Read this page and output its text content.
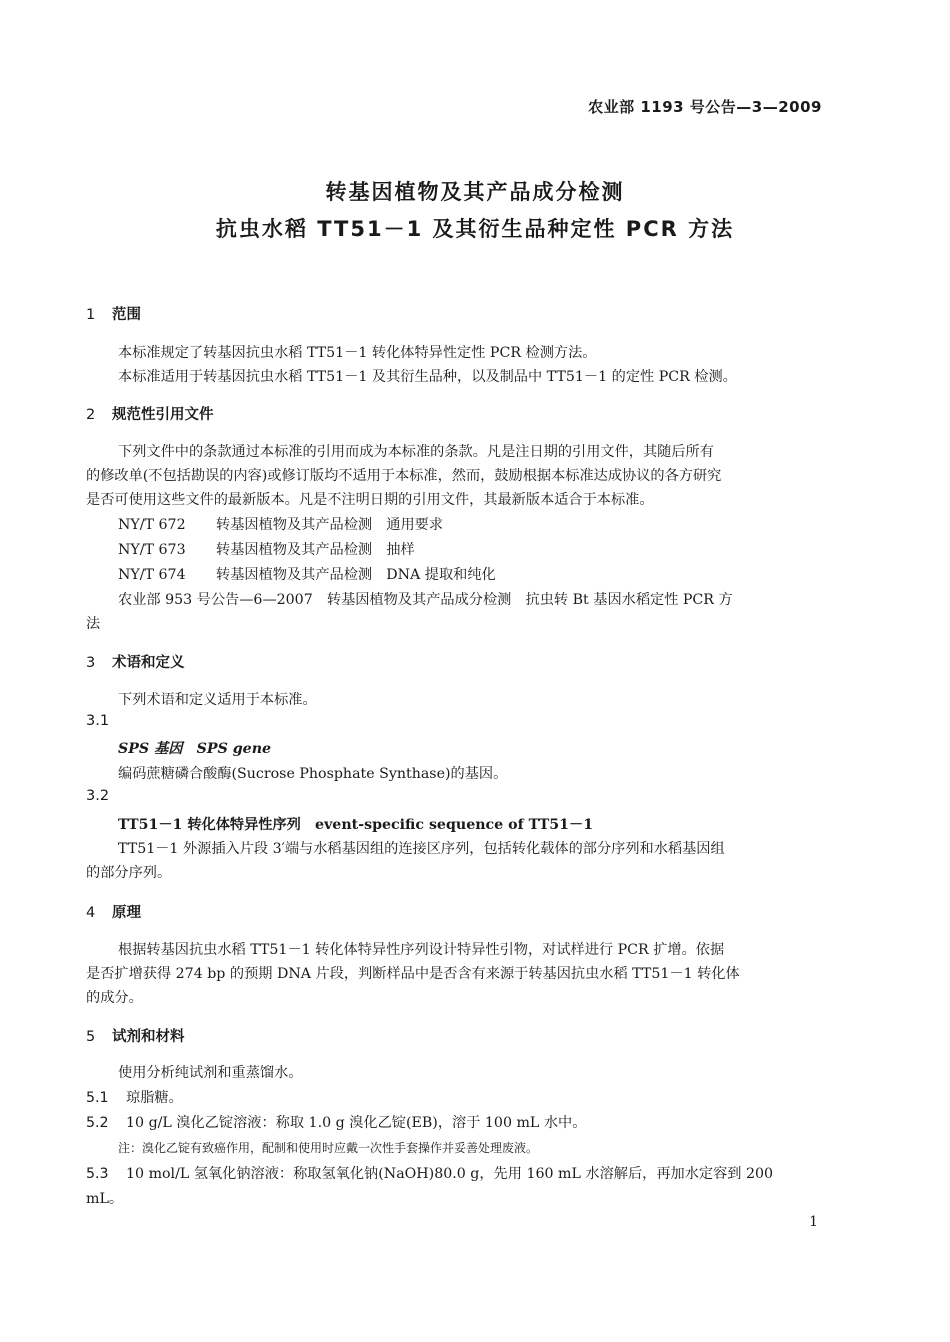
农业部 1193 号公告—3—2009
转基因植物及其产品成分检测
抗虫水稻 TT51－1 及其衍生品种定性 PCR 方法
1 范围
本标准规定了转基因抗虫水稻 TT51－1 转化体特异性定性 PCR 检测方法。
本标准适用于转基因抗虫水稻 TT51－1 及其衍生品种，以及制品中 TT51－1 的定性 PCR 检测。
2 规范性引用文件
下列文件中的条款通过本标准的引用而成为本标准的条款。凡是注日期的引用文件，其随后所有
的修改单(不包括勘误的内容)或修订版均不适用于本标准，然而，鼓励根据本标准达成协议的各方研究
是否可使用这些文件的最新版本。凡是不注明日期的引用文件，其最新版本适合于本标准。
NY/T 672 转基因植物及其产品检测　通用要求
NY/T 673 转基因植物及其产品检测　抽样
NY/T 674 转基因植物及其产品检测　DNA 提取和纯化
农业部 953 号公告—6—2007　转基因植物及其产品成分检测　抗虫转 Bt 基因水稻定性 PCR 方
法
3 术语和定义
下列术语和定义适用于本标准。
3.1
SPS 基因　SPS gene
编码蔗糖磷合酸酶(Sucrose Phosphate Synthase)的基因。
3.2
TT51－1 转化体特异性序列　event-specific sequence of TT51－1
TT51－1 外源插入片段 3′端与水稻基因组的连接区序列，包括转化载体的部分序列和水稻基因组
的部分序列。
4 原理
根据转基因抗虫水稻 TT51－1 转化体特异性序列设计特异性引物，对试样进行 PCR 扩增。依据
是否扩增获得 274 bp 的预期 DNA 片段，判断样品中是否含有来源于转基因抗虫水稻 TT51－1 转化体
的成分。
5 试剂和材料
使用分析纯试剂和重蒸馏水。
5.1 琼脂糖。
5.2 10 g/L 溴化乙锭溶液：称取 1.0 g 溴化乙锭(EB)，溶于 100 mL 水中。
注：溴化乙锭有致癌作用，配制和使用时应戴一次性手套操作并妥善处理废液。
5.3 10 mol/L 氢氧化钠溶液：称取氢氧化钠(NaOH)80.0 g，先用 160 mL 水溶解后，再加水定容到 200
mL。
1
